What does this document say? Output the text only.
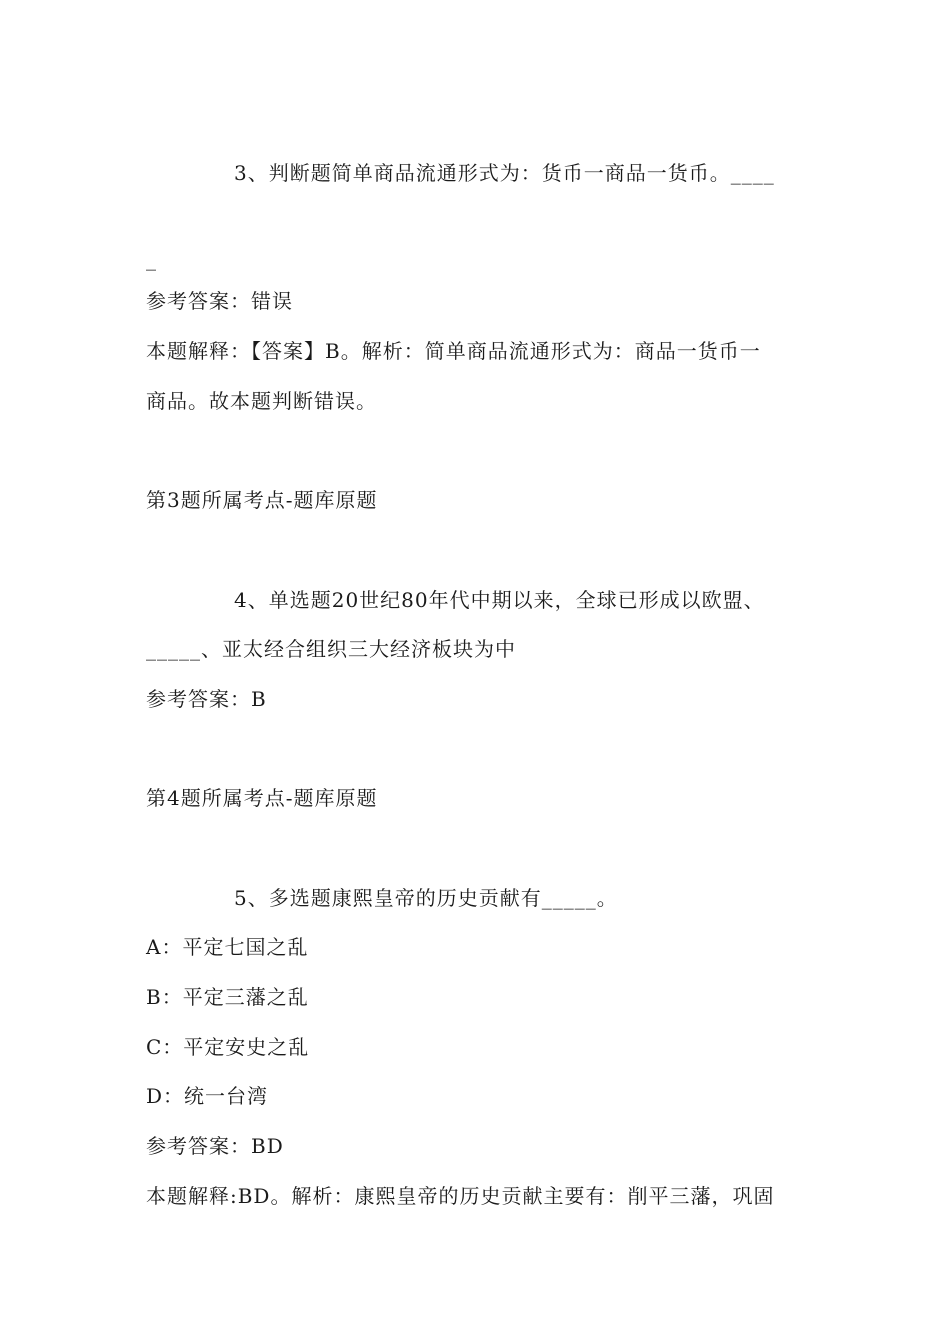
3、判断题简单商品流通形式为：货币一商品一货币。____
_
参考答案：错误
本题解释：【答案】B。解析：简单商品流通形式为：商品一货币一
商品。故本题判断错误。
第3题所属考点-题库原题
4、单选题20世纪80年代中期以来，全球已形成以欧盟、
_____、亚太经合组织三大经济板块为中
参考答案：B
第4题所属考点-题库原题
5、多选题康熙皇帝的历史贡献有_____。
A：平定七国之乱
B：平定三藩之乱
C：平定安史之乱
D：统一台湾
参考答案：BD
本题解释:BD。解析：康熙皇帝的历史贡献主要有：削平三藩，巩固
